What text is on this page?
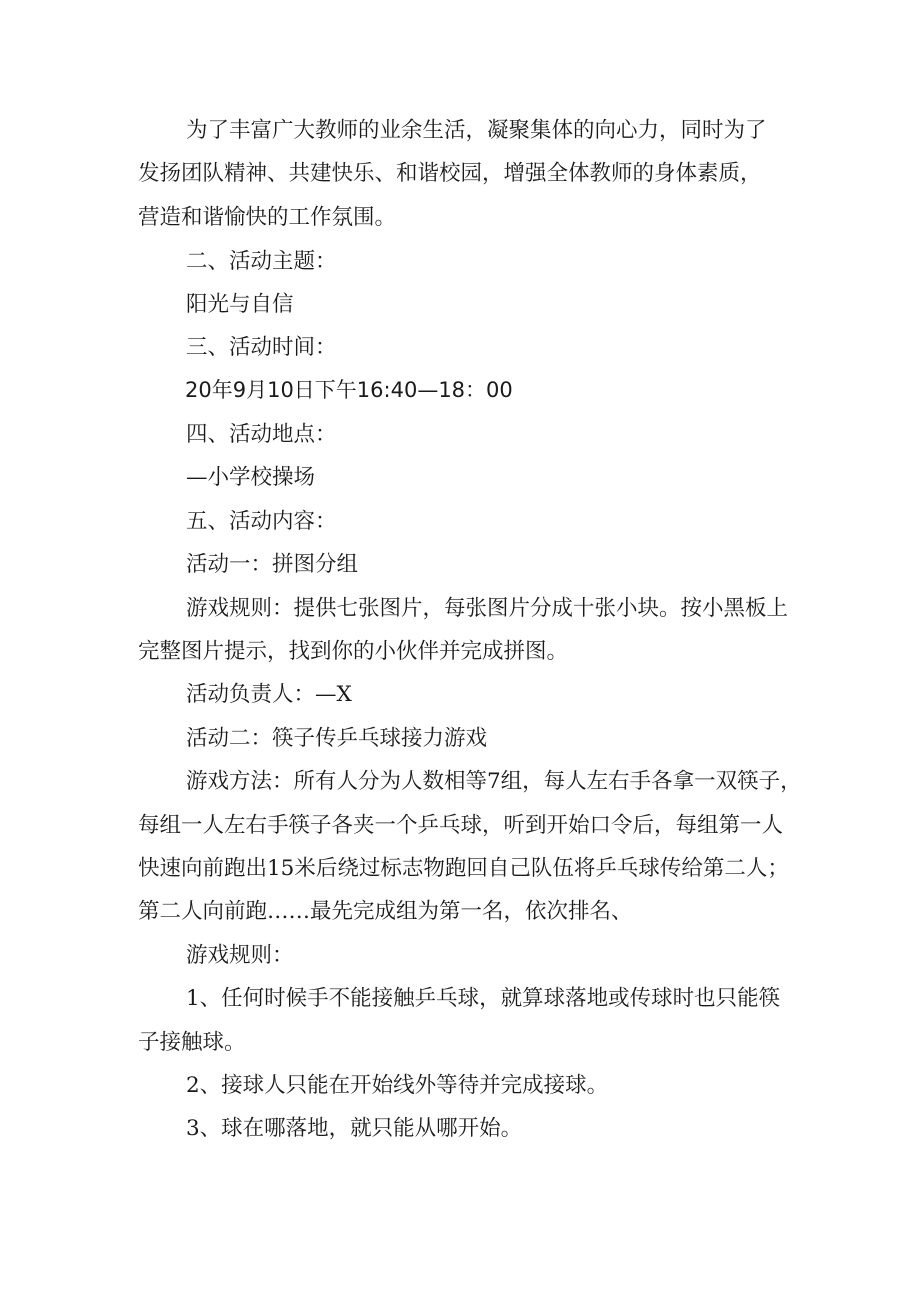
为了丰富广大教师的业余生活，凝聚集体的向心力，同时为了
发扬团队精神、共建快乐、和谐校园，增强全体教师的身体素质，
营造和谐愉快的工作氛围。
二、活动主题：
阳光与自信
三、活动时间：
20年9月10日下午16:40—18：00
四、活动地点：
—小学校操场
五、活动内容：
活动一：拼图分组
游戏规则：提供七张图片，每张图片分成十张小块。按小黑板上
完整图片提示，找到你的小伙伴并完成拼图。
活动负责人：—X
活动二：筷子传乒乓球接力游戏
游戏方法：所有人分为人数相等7组，每人左右手各拿一双筷子，
每组一人左右手筷子各夹一个乒乓球，听到开始口令后，每组第一人
快速向前跑出15米后绕过标志物跑回自己队伍将乒乓球传给第二人；
第二人向前跑……最先完成组为第一名，依次排名、
游戏规则：
1、任何时候手不能接触乒乓球，就算球落地或传球时也只能筷
子接触球。
2、接球人只能在开始线外等待并完成接球。
3、球在哪落地，就只能从哪开始。
